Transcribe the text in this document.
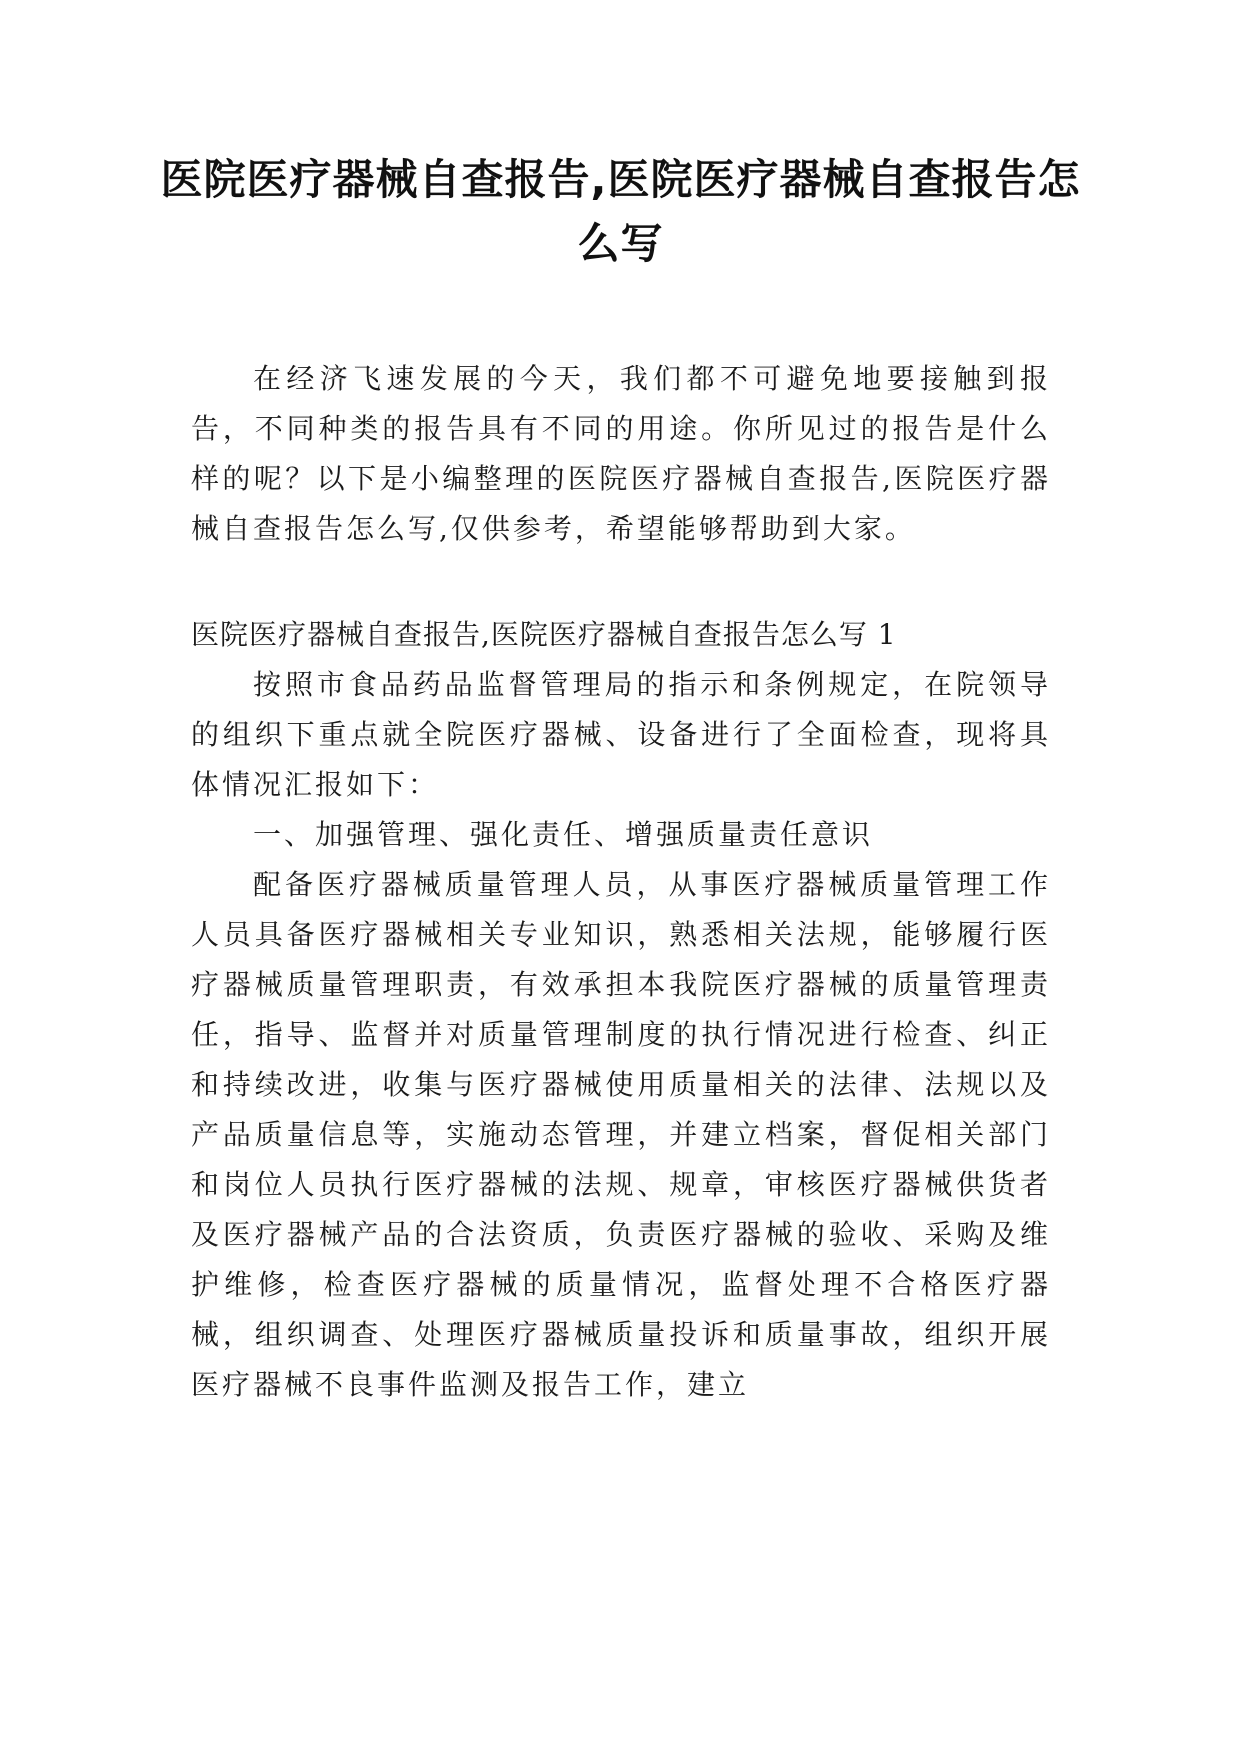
医院医疗器械自查报告,医院医疗器械自查报告怎么写

在经济飞速发展的今天，我们都不可避免地要接触到报告，不同种类的报告具有不同的用途。你所见过的报告是什么样的呢？以下是小编整理的医院医疗器械自查报告,医院医疗器械自查报告怎么写,仅供参考，希望能够帮助到大家。

医院医疗器械自查报告,医院医疗器械自查报告怎么写 1

按照市食品药品监督管理局的指示和条例规定，在院领导的组织下重点就全院医疗器械、设备进行了全面检查，现将具体情况汇报如下：

一、加强管理、强化责任、增强质量责任意识

配备医疗器械质量管理人员，从事医疗器械质量管理工作人员具备医疗器械相关专业知识，熟悉相关法规，能够履行医疗器械质量管理职责，有效承担本我院医疗器械的质量管理责任，指导、监督并对质量管理制度的执行情况进行检查、纠正和持续改进，收集与医疗器械使用质量相关的法律、法规以及产品质量信息等，实施动态管理，并建立档案，督促相关部门和岗位人员执行医疗器械的法规、规章，审核医疗器械供货者及医疗器械产品的合法资质，负责医疗器械的验收、采购及维护维修，检查医疗器械的质量情况，监督处理不合格医疗器械，组织调查、处理医疗器械质量投诉和质量事故，组织开展医疗器械不良事件监测及报告工作，建立
